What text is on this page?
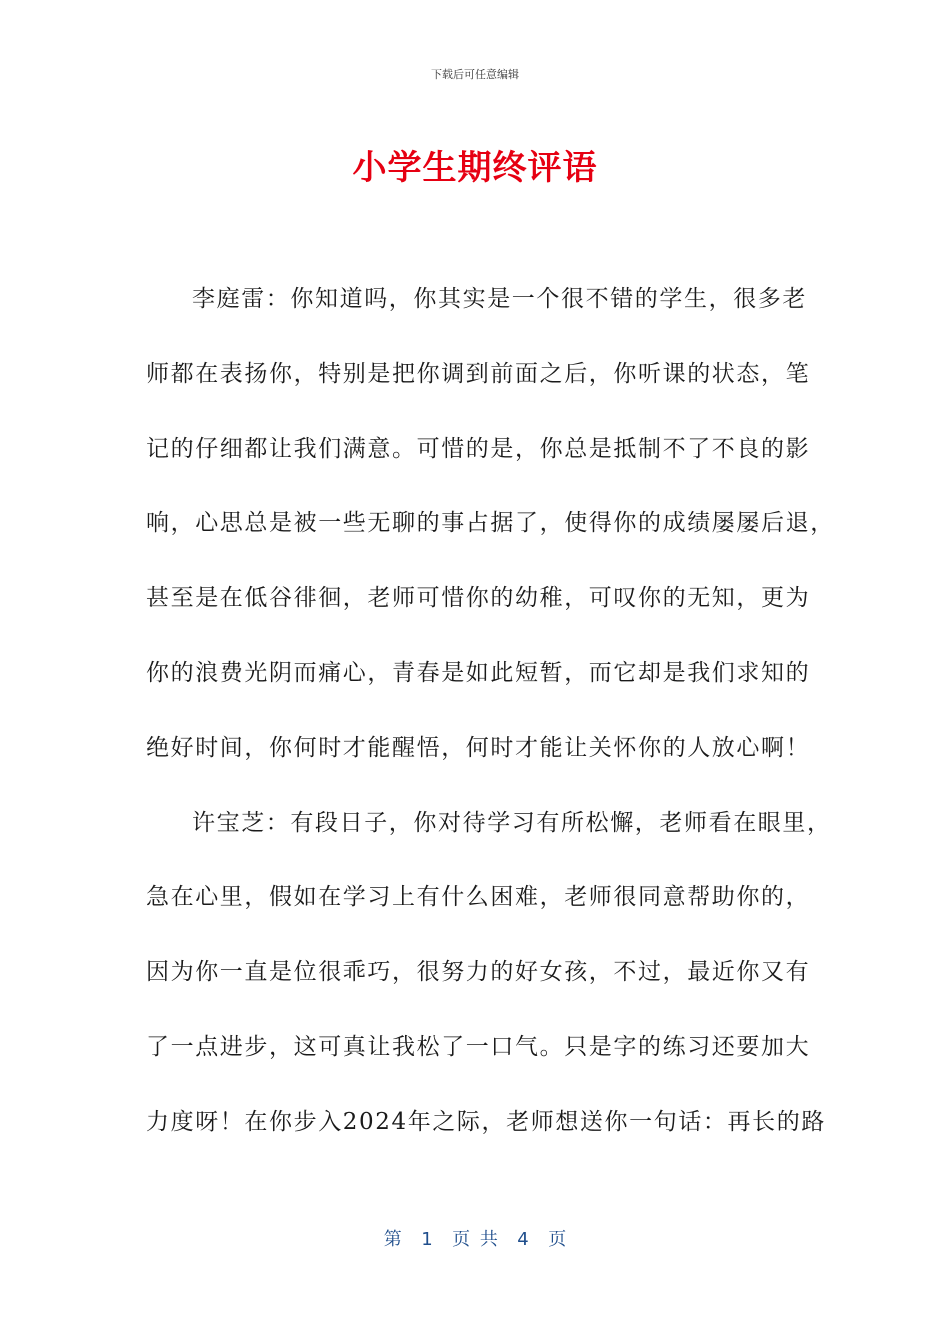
下载后可任意编辑
小学生期终评语
李庭雷：你知道吗，你其实是一个很不错的学生，很多老
师都在表扬你，特别是把你调到前面之后，你听课的状态，笔
记的仔细都让我们满意。可惜的是，你总是抵制不了不良的影
响，心思总是被一些无聊的事占据了，使得你的成绩屡屡后退，
甚至是在低谷徘徊，老师可惜你的幼稚，可叹你的无知，更为
你的浪费光阴而痛心，青春是如此短暂，而它却是我们求知的
绝好时间，你何时才能醒悟，何时才能让关怀你的人放心啊！
许宝芝：有段日子，你对待学习有所松懈，老师看在眼里，
急在心里，假如在学习上有什么困难，老师很同意帮助你的，
因为你一直是位很乖巧，很努力的好女孩，不过，最近你又有
了一点进步，这可真让我松了一口气。只是字的练习还要加大
力度呀！在你步入2024年之际，老师想送你一句话：再长的路
第  1  页 共  4  页
